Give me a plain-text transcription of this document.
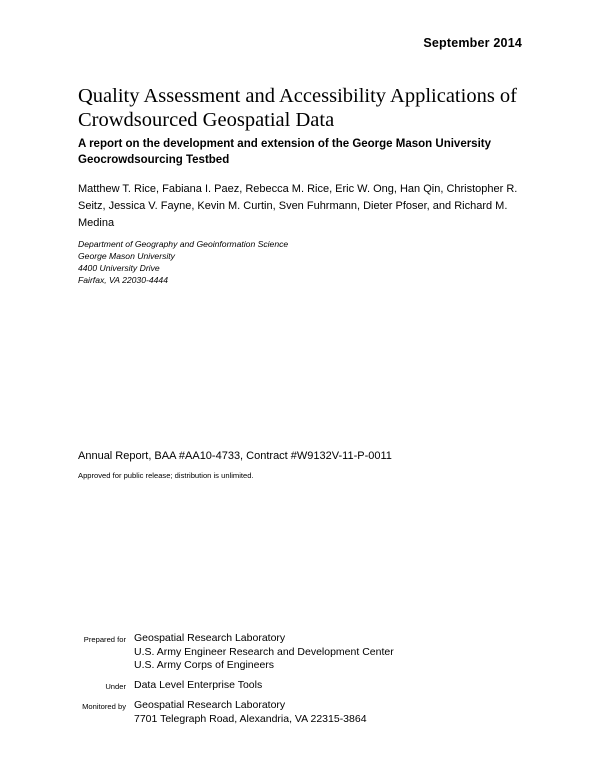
September 2014
Quality Assessment and Accessibility Applications of Crowdsourced Geospatial Data
A report on the development and extension of the George Mason University Geocrowdsourcing Testbed

Matthew T. Rice, Fabiana I. Paez, Rebecca M. Rice, Eric W. Ong, Han Qin, Christopher R. Seitz, Jessica V. Fayne, Kevin M. Curtin, Sven Fuhrmann, Dieter Pfoser, and Richard M. Medina

Department of Geography and Geoinformation Science
George Mason University
4400 University Drive
Fairfax, VA 22030-4444
Annual Report, BAA #AA10-4733, Contract #W9132V-11-P-0011
Approved for public release; distribution is unlimited.
Prepared for Geospatial Research Laboratory
U.S. Army Engineer Research and Development Center
U.S. Army Corps of Engineers
Under Data Level Enterprise Tools
Monitored by Geospatial Research Laboratory
7701 Telegraph Road, Alexandria, VA 22315-3864
